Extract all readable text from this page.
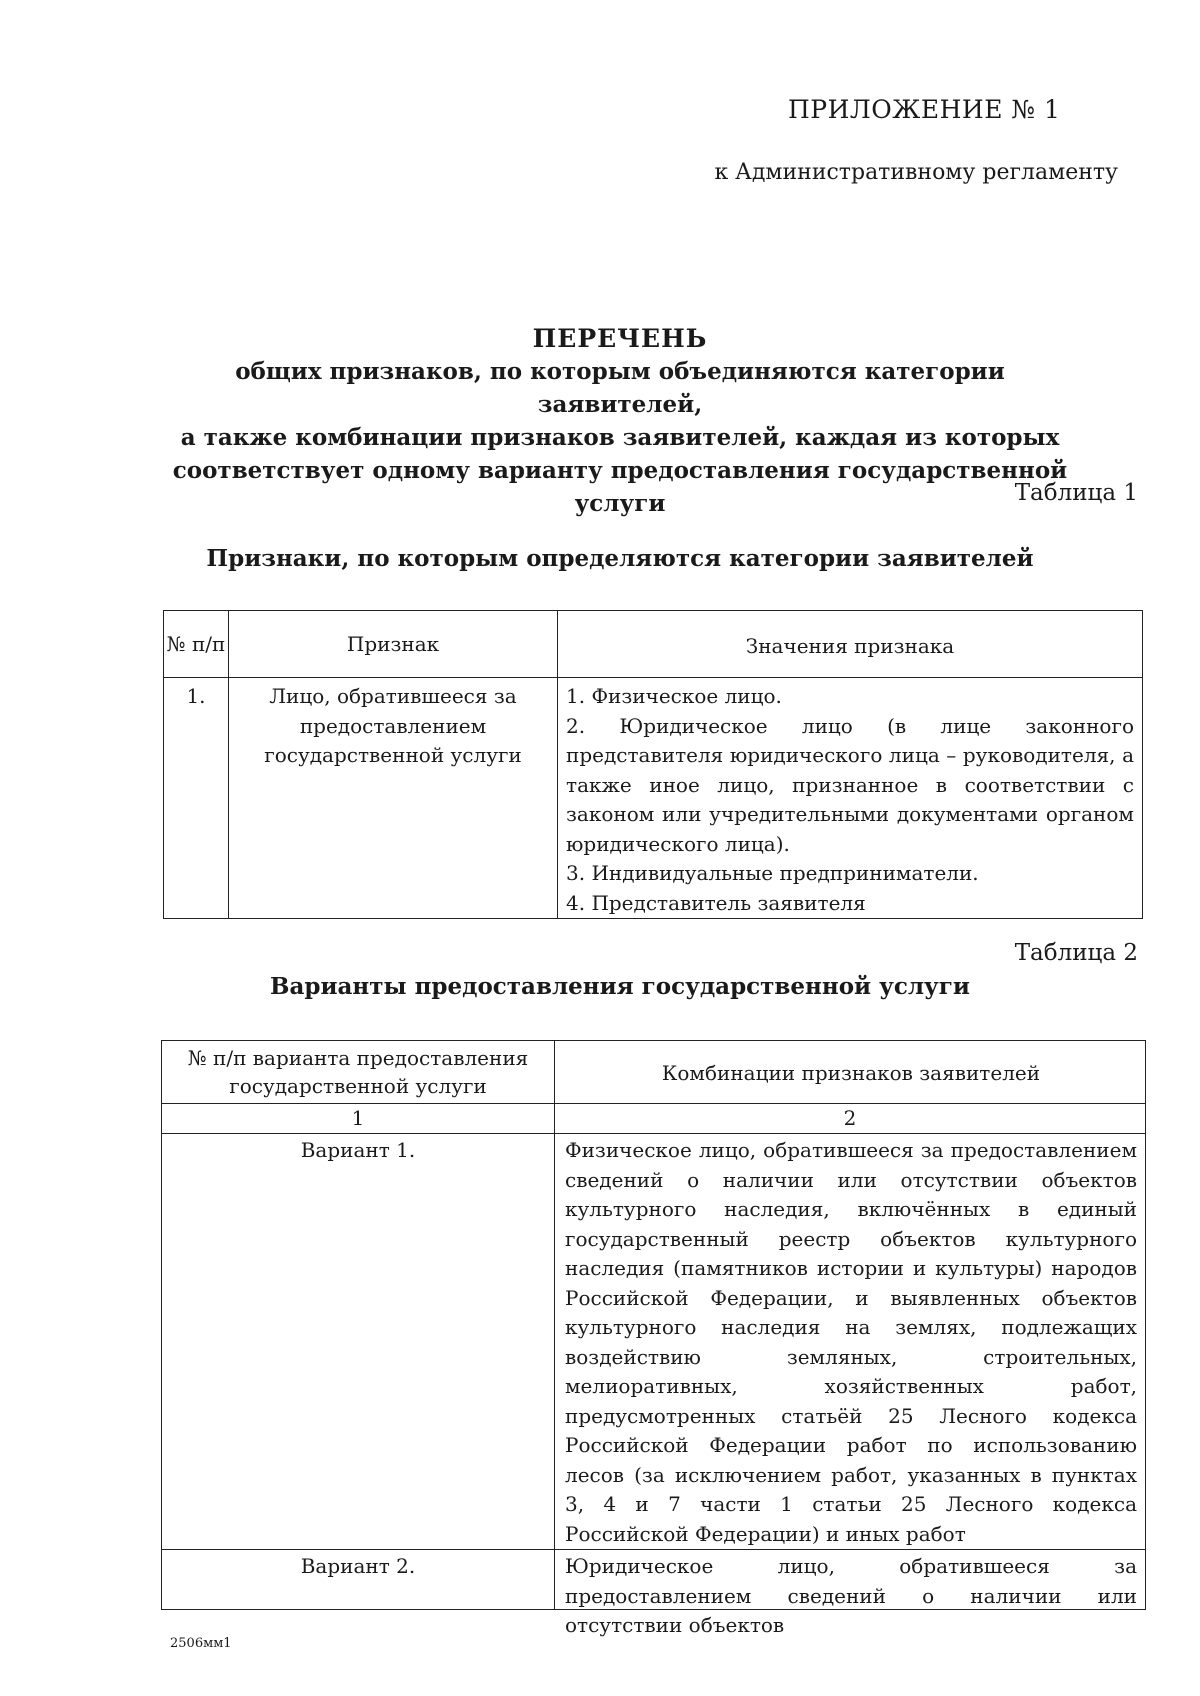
ПРИЛОЖЕНИЕ № 1
к Административному регламенту
ПЕРЕЧЕНЬ
общих признаков, по которым объединяются категории заявителей,
а также комбинации признаков заявителей, каждая из которых
соответствует одному варианту предоставления государственной услуги	Таблица 1
Признаки, по которым определяются категории заявителей
№ п/п	Признак	Значения признака
1.	Лицо, обратившееся за предоставлением государственной услуги	1. Физическое лицо.
2. Юридическое лицо (в лице законного представителя юридического лица – руководителя, а также иное лицо, признанное в соответствии с законом или учредительными документами органом юридического лица).
3. Индивидуальные предприниматели.
4. Представитель заявителя
Таблица 2
Варианты предоставления государственной услуги
№ п/п варианта предоставления государственной услуги	Комбинации признаков заявителей
1	2
Вариант 1.	Физическое лицо, обратившееся за предоставлением сведений о наличии или отсутствии объектов культурного наследия, включённых в единый государственный реестр объектов культурного наследия (памятников истории и культуры) народов Российской Федерации, и выявленных объектов культурного наследия на землях, подлежащих воздействию земляных, строительных, мелиоративных, хозяйственных работ, предусмотренных статьёй 25 Лесного кодекса Российской Федерации работ по использованию лесов (за исключением работ, указанных в пунктах 3, 4 и 7 части 1 статьи 25 Лесного кодекса Российской Федерации) и иных работ
Вариант 2.	Юридическое лицо, обратившееся за предоставлением сведений о наличии или отсутствии объектов
2506мм1
